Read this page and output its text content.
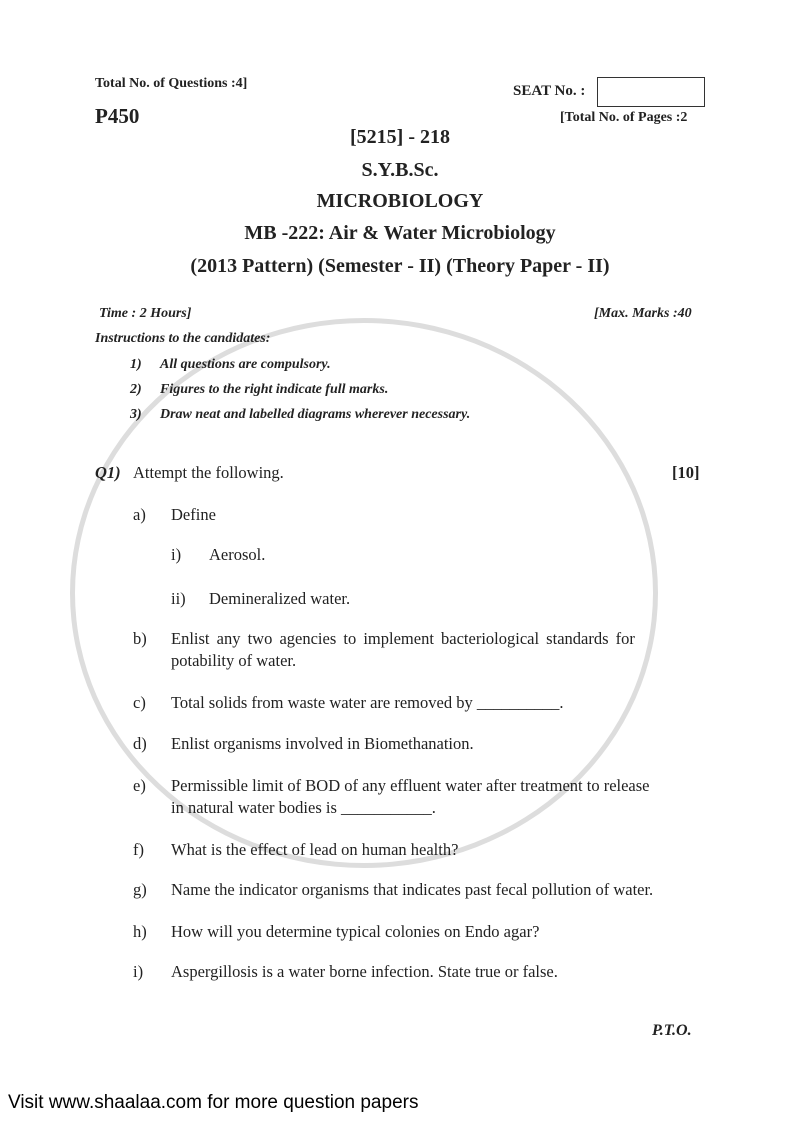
Total No. of Questions :4]
P450
SEAT No. :
[Total No. of Pages :2
[5215] - 218
S.Y.B.Sc.
MICROBIOLOGY
MB -222: Air & Water Microbiology
(2013 Pattern) (Semester - II) (Theory Paper - II)
Time : 2 Hours]	[Max. Marks :40
Instructions to the candidates:
1) All questions are compulsory.
2) Figures to the right indicate full marks.
3) Draw neat and labelled diagrams wherever necessary.
Q1) Attempt the following.	[10]
a) Define
i) Aerosol.
ii) Demineralized water.
b) Enlist any two agencies to implement bacteriological standards for
potability of water.
c) Total solids from waste water are removed by __________.
d) Enlist organisms involved in Biomethanation.
e) Permissible limit of BOD of any effluent water after treatment to release
in natural water bodies is ___________.
f) What is the effect of lead on human health?
g) Name the indicator organisms that indicates past fecal pollution of water.
h) How will you determine typical colonies on Endo agar?
i) Aspergillosis is a water borne infection. State true or false.
P.T.O.
Visit www.shaalaa.com for more question papers
